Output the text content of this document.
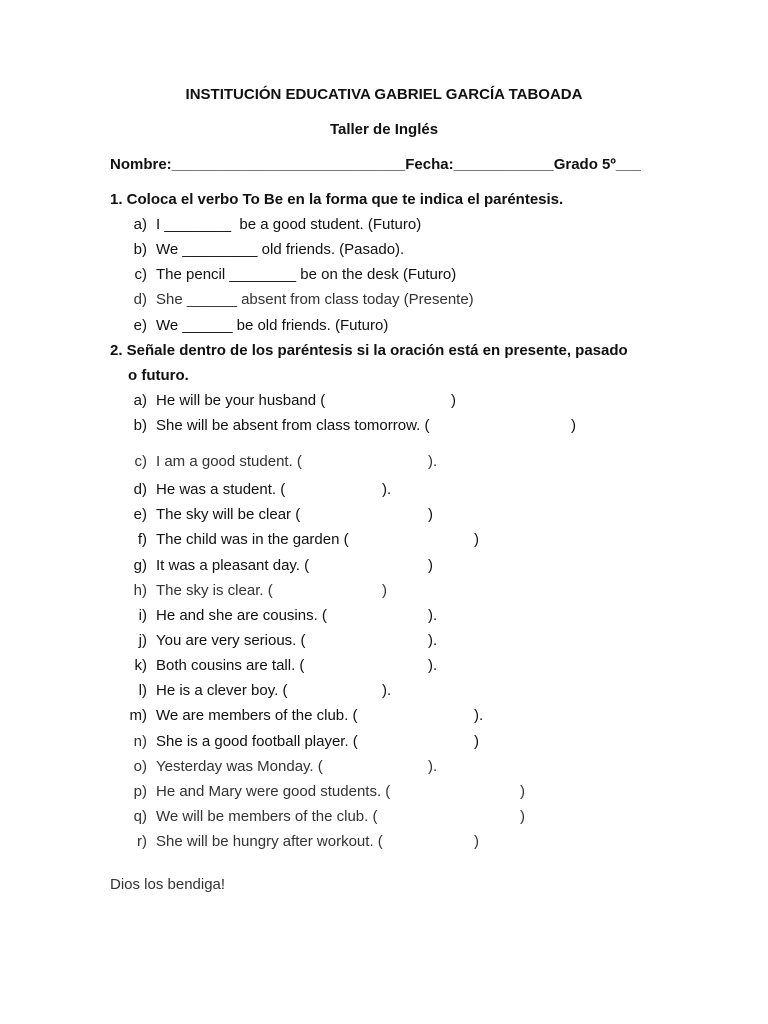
INSTITUCIÓN EDUCATIVA GABRIEL GARCÍA TABOADA
Taller de Inglés
Nombre:____________________________Fecha:____________Grado 5º___
1. Coloca el verbo To Be en la forma que te indica el paréntesis.
a) I ________  be a good student. (Futuro)
b) We _________ old friends. (Pasado).
c) The pencil ________ be on the desk (Futuro)
d) She ______ absent from class today (Presente)
e) We ______ be old friends. (Futuro)
2. Señale dentro de los paréntesis si la oración está en presente, pasado
o futuro.
a) He will be your husband (	)
b) She will be absent from class tomorrow. (	)
c) I am a good student. (	).
d) He was a student. (	).
e) The sky will be clear (	)
f) The child was in the garden (	)
g) It was a pleasant day. (	)
h) The sky is clear. (	)
i) He and she are cousins. (	).
j) You are very serious. (	).
k) Both cousins are tall. (	).
l) He is a clever boy. (	).
m) We are members of the club. (	).
n) She is a good football player. (	)
o) Yesterday was Monday. (	).
p) He and Mary were good students. (	)
q) We will be members of the club. (	)
r) She will be hungry after workout. (	)
Dios los bendiga!
